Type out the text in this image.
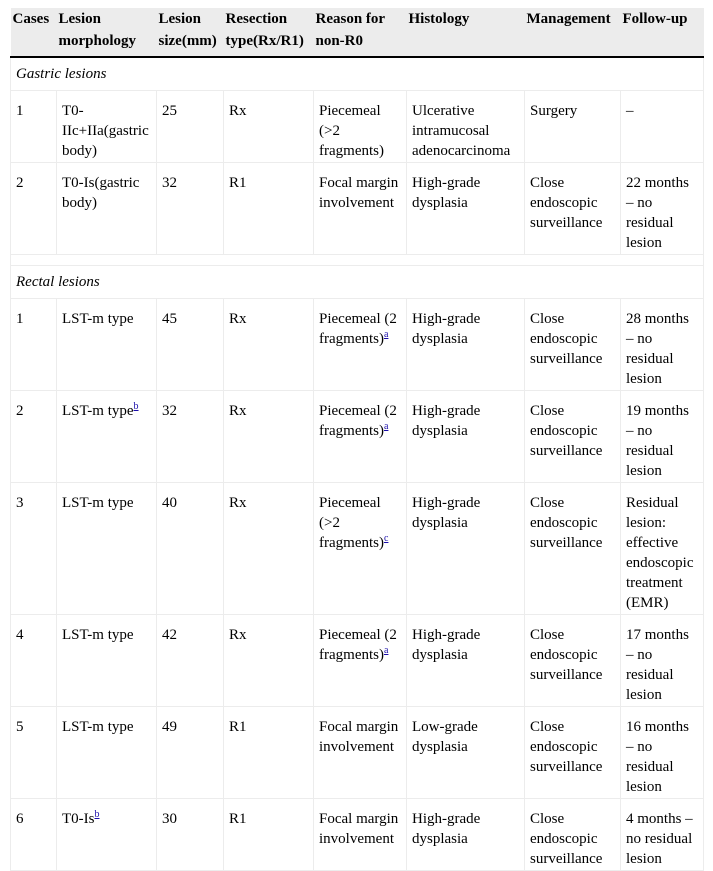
Cases	Lesion morphology	Lesion size(mm)	Resection type(Rx/R1)	Reason for non-R0	Histology	Management	Follow-up
Gastric lesions							
1	T0-IIc+IIa(gastric body)	25	Rx	Piecemeal (>2 fragments)	Ulcerative intramucosal adenocarcinoma	Surgery	–
2	T0-Is(gastric body)	32	R1	Focal margin involvement	High-grade dysplasia	Close endoscopic surveillance	22 months – no residual lesion

Rectal lesions							
1	LST-m type	45	Rx	Piecemeal (2 fragments)$^a$	High-grade dysplasia	Close endoscopic surveillance	28 months – no residual lesion
2	LST-m type$^b$	32	Rx	Piecemeal (2 fragments)$^a$	High-grade dysplasia	Close endoscopic surveillance	19 months – no residual lesion
3	LST-m type	40	Rx	Piecemeal (>2 fragments)$^c$	High-grade dysplasia	Close endoscopic surveillance	Residual lesion: effective endoscopic treatment (EMR)
4	LST-m type	42	Rx	Piecemeal (2 fragments)$^a$	High-grade dysplasia	Close endoscopic surveillance	17 months – no residual lesion
5	LST-m type	49	R1	Focal margin involvement	Low-grade dysplasia	Close endoscopic surveillance	16 months – no residual lesion
6	T0-Is$^b$	30	R1	Focal margin involvement	High-grade dysplasia	Close endoscopic surveillance	4 months – no residual lesion
